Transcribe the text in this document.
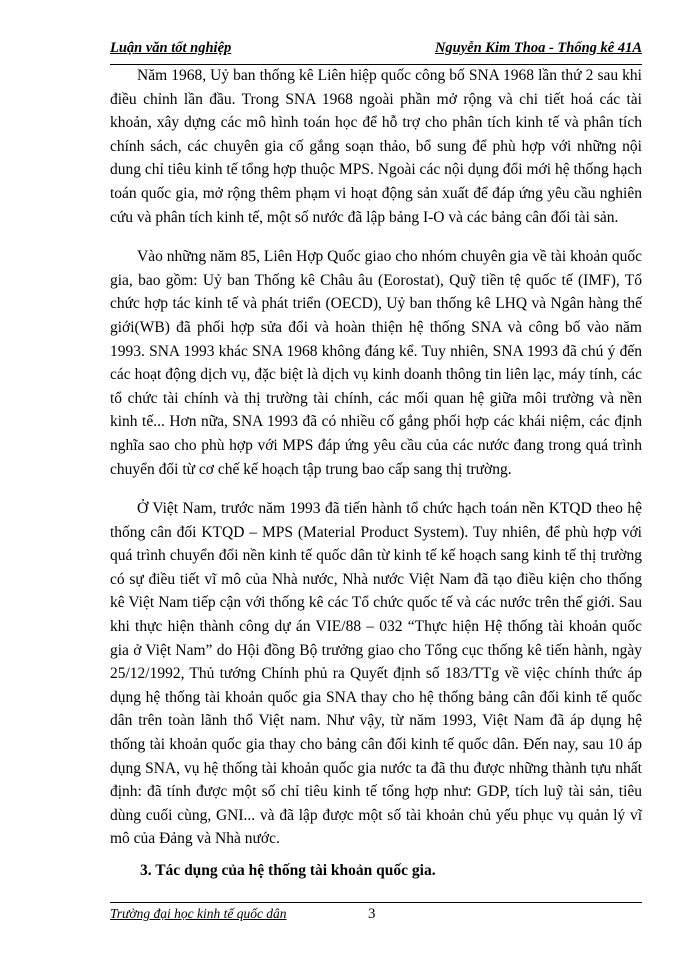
Luận văn tốt nghiệp	Nguyễn Kim Thoa - Thống kê 41A

Năm 1968, Uỷ ban thống kê Liên hiệp quốc công bố SNA 1968 lần thứ 2 sau khi điều chỉnh lần đầu. Trong SNA 1968 ngoài phần mở rộng và chi tiết hoá các tài khoản, xây dựng các mô hình toán học để hỗ trợ cho phân tích kinh tế và phân tích chính sách, các chuyên gia cố gắng soạn thảo, bổ sung để phù hợp với những nội dung chỉ tiêu kinh tế tổng hợp thuộc MPS. Ngoài các nội dụng đổi mới hệ thống hạch toán quốc gia, mở rộng thêm phạm vi hoạt động sản xuất để đáp ứng yêu cầu nghiên cứu và phân tích kinh tế, một số nước đã lập bảng I-O và các bảng cân đối tài sản.

Vào những năm 85, Liên Hợp Quốc giao cho nhóm chuyên gia về tài khoản quốc gia, bao gồm: Uỷ ban Thống kê Châu âu (Eorostat), Quỹ tiền tệ quốc tế (IMF), Tổ chức hợp tác kinh tế và phát triển (OECD), Uỷ ban thống kê LHQ và Ngân hàng thế giới(WB) đã phối hợp sửa đổi và hoàn thiện hệ thống SNA và công bố vào năm 1993. SNA 1993 khác SNA 1968 không đáng kể. Tuy nhiên, SNA 1993 đã chú ý đến các hoạt động dịch vụ, đặc biệt là dịch vụ kinh doanh thông tin liên lạc, máy tính, các tổ chức tài chính và thị trường tài chính, các mối quan hệ giữa môi trường và nền kinh tế... Hơn nữa, SNA 1993 đã có nhiều cố gắng phối hợp các khái niệm, các định nghĩa sao cho phù hợp với MPS đáp ứng yêu cầu của các nước đang trong quá trình chuyển đổi từ cơ chế kế hoạch tập trung bao cấp sang thị trường.

Ở Việt Nam, trước năm 1993 đã tiến hành tổ chức hạch toán nền KTQD theo hệ thống cân đối KTQD – MPS (Material Product System). Tuy nhiên, để phù hợp với quá trình chuyển đổi nền kinh tế quốc dân từ kinh tế kế hoạch sang kinh tế thị trường có sự điều tiết vĩ mô của Nhà nước, Nhà nước Việt Nam đã tạo điều kiện cho thống kê Việt Nam tiếp cận với thống kê các Tổ chức quốc tế và các nước trên thế giới. Sau khi thực hiện thành công dự án VIE/88 – 032 “Thực hiện Hệ thống tài khoản quốc gia ở Việt Nam” do Hội đồng Bộ trưởng giao cho Tổng cục thống kê tiến hành, ngày 25/12/1992, Thủ tướng Chính phủ ra Quyết định số 183/TTg về việc chính thức áp dụng hệ thống tài khoản quốc gia SNA thay cho hệ thống bảng cân đối kinh tế quốc dân trên toàn lãnh thổ Việt nam. Như vậy, từ năm 1993, Việt Nam đã áp dụng hệ thống tài khoản quốc gia thay cho bảng cân đối kinh tế quốc dân. Đến nay, sau 10 áp dụng SNA, vụ hệ thống tài khoản quốc gia nước ta đã thu được những thành tựu nhất định: đã tính được một số chỉ tiêu kinh tế tổng hợp như: GDP, tích luỹ tài sản, tiêu dùng cuối cùng, GNI... và đã lập được một số tài khoản chủ yếu phục vụ quản lý vĩ mô của Đảng và Nhà nước.

3. Tác dụng của hệ thống tài khoản quốc gia.
Trường đại học kinh tế quốc dân	3
